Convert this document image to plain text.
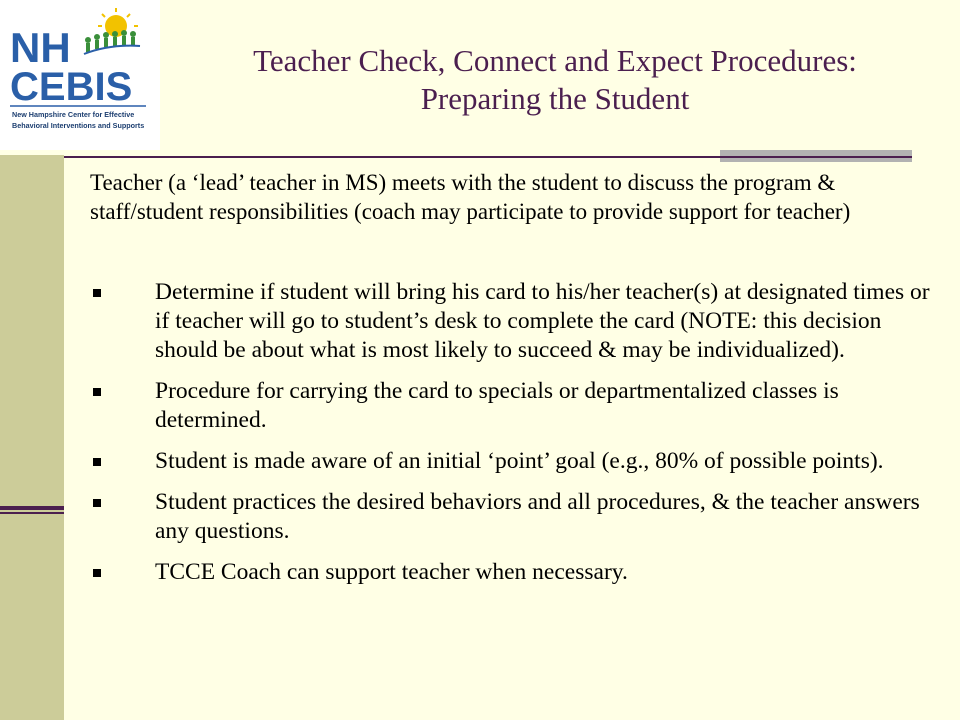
NH
CEBIS
New Hampshire Center for Effective
Behavioral Interventions and Supports
Teacher Check, Connect and Expect Procedures:
Preparing the Student

Teacher (a ‘lead’ teacher in MS) meets with the student to discuss the program & staff/student responsibilities (coach may participate to provide support for teacher)

Determine if student will bring his card to his/her teacher(s) at designated times or if teacher will go to student’s desk to complete the card (NOTE: this decision should be about what is most likely to succeed & may be individualized).
Procedure for carrying the card to specials or departmentalized classes is determined.
Student is made aware of an initial ‘point’ goal (e.g., 80% of possible points).
Student practices the desired behaviors and all procedures, & the teacher answers any questions.
TCCE Coach can support teacher when necessary.
